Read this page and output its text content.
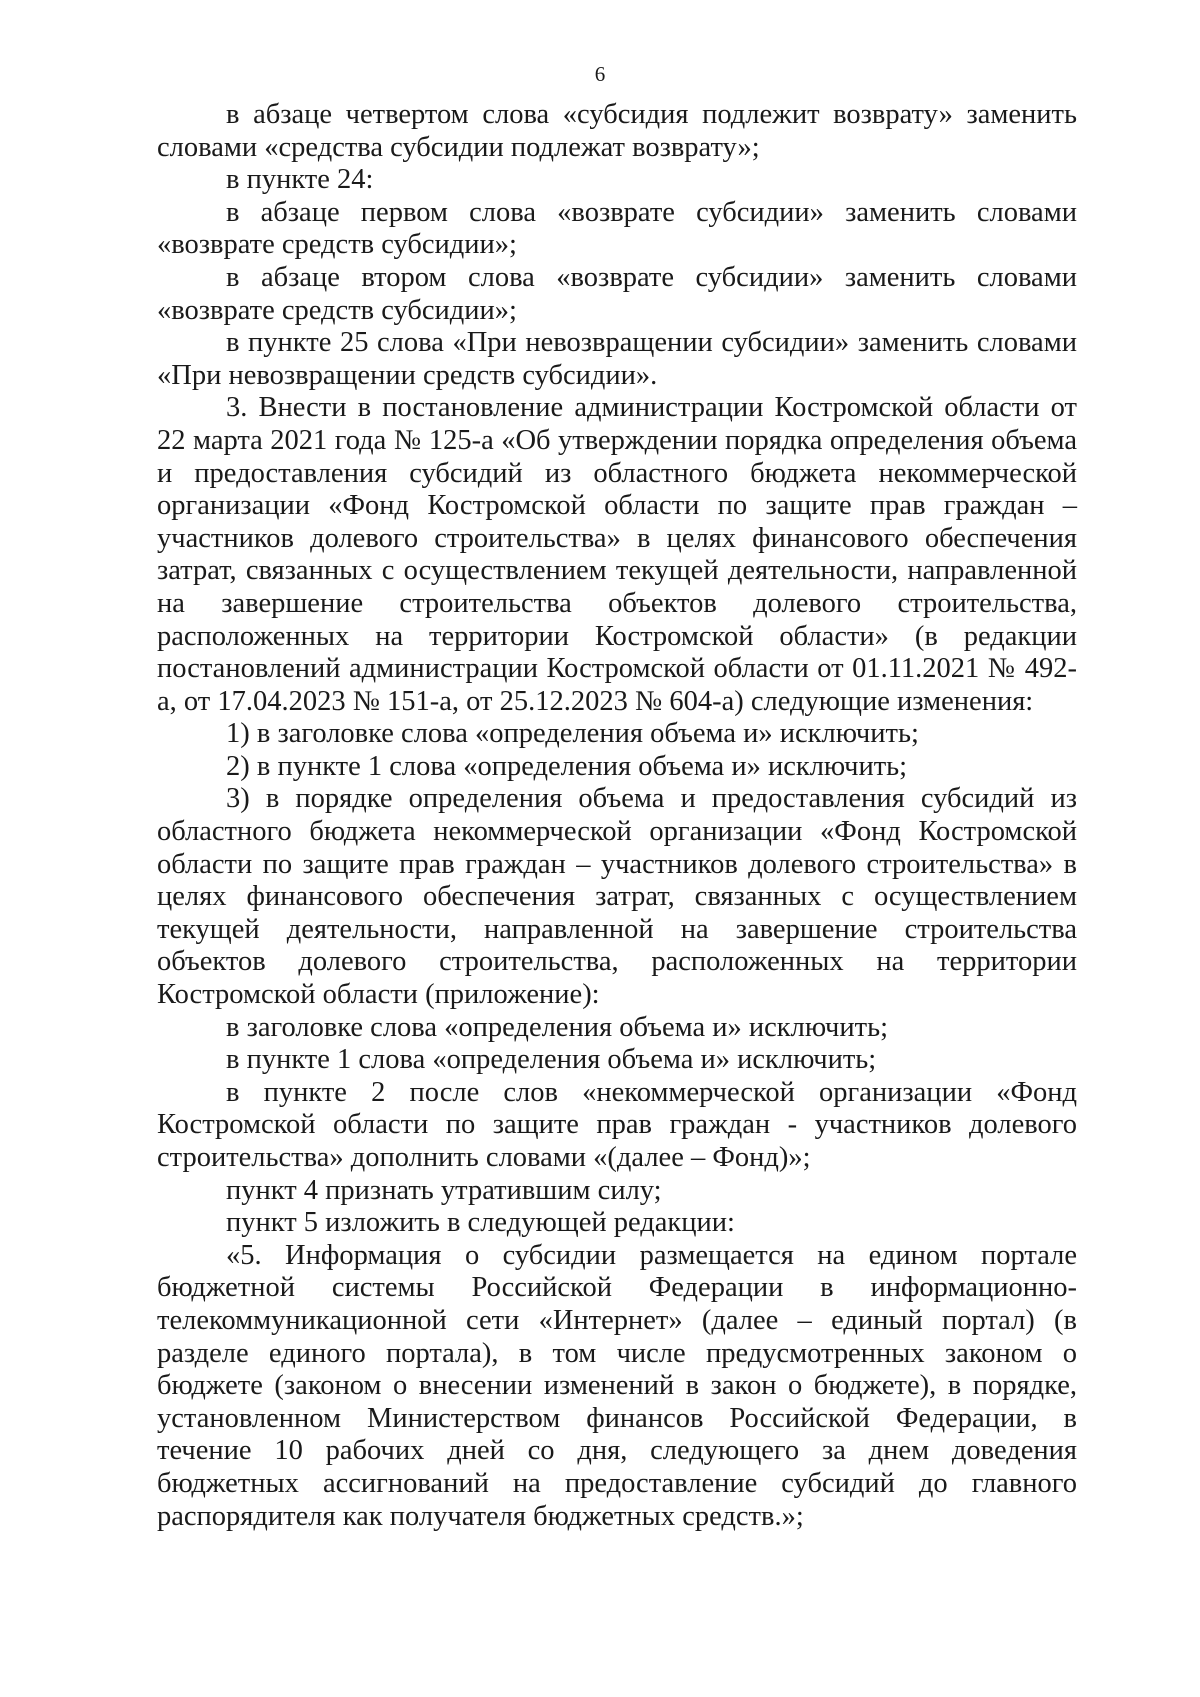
6

в абзаце четвертом слова «субсидия подлежит возврату» заменить словами «средства субсидии подлежат возврату»;

в пункте 24:

в абзаце первом слова «возврате субсидии» заменить словами «возврате средств субсидии»;

в абзаце втором слова «возврате субсидии» заменить словами «возврате средств субсидии»;

в пункте 25 слова «При невозвращении субсидии» заменить словами «При невозвращении средств субсидии».

3. Внести в постановление администрации Костромской области от 22 марта 2021 года № 125-а «Об утверждении порядка определения объема и предоставления субсидий из областного бюджета некоммерческой организации «Фонд Костромской области по защите прав граждан – участников долевого строительства» в целях финансового обеспечения затрат, связанных с осуществлением текущей деятельности, направленной на завершение строительства объектов долевого строительства, расположенных на территории Костромской области» (в редакции постановлений администрации Костромской области от 01.11.2021 № 492-а, от 17.04.2023 № 151-а, от 25.12.2023 № 604-а) следующие изменения:

1) в заголовке слова «определения объема и» исключить;

2) в пункте 1 слова «определения объема и» исключить;

3) в порядке определения объема и предоставления субсидий из областного бюджета некоммерческой организации «Фонд Костромской области по защите прав граждан – участников долевого строительства» в целях финансового обеспечения затрат, связанных с осуществлением текущей деятельности, направленной на завершение строительства объектов долевого строительства, расположенных на территории Костромской области (приложение):

в заголовке слова «определения объема и» исключить;

в пункте 1 слова «определения объема и» исключить;

в пункте 2 после слов «некоммерческой организации «Фонд Костромской области по защите прав граждан - участников долевого строительства» дополнить словами «(далее – Фонд)»;

пункт 4 признать утратившим силу;

пункт 5 изложить в следующей редакции:

«5. Информация о субсидии размещается на едином портале бюджетной системы Российской Федерации в информационно-телекоммуникационной сети «Интернет» (далее – единый портал) (в разделе единого портала), в том числе предусмотренных законом о бюджете (законом о внесении изменений в закон о бюджете), в порядке, установленном Министерством финансов Российской Федерации, в течение 10 рабочих дней со дня, следующего за днем доведения бюджетных ассигнований на предоставление субсидий до главного распорядителя как получателя бюджетных средств.»;
